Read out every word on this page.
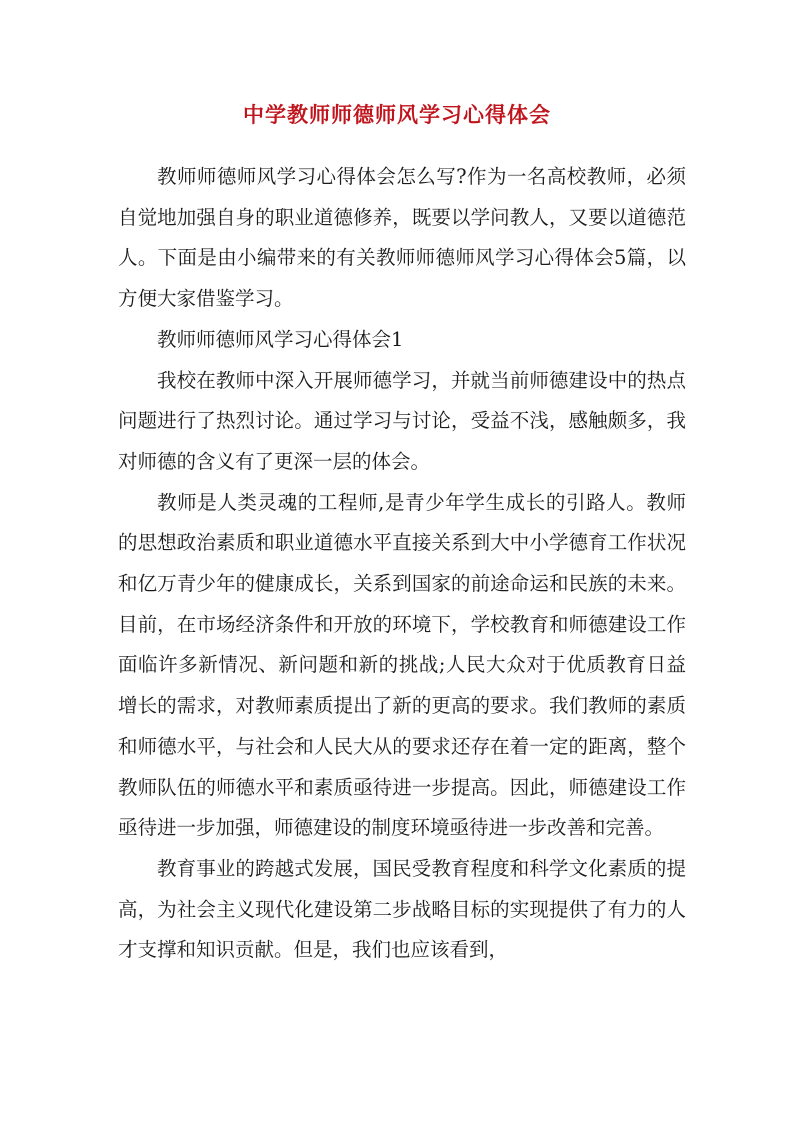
中学教师师德师风学习心得体会

教师师德师风学习心得体会怎么写?作为一名高校教师，必须自觉地加强自身的职业道德修养，既要以学问教人，又要以道德范人。下面是由小编带来的有关教师师德师风学习心得体会5篇，以方便大家借鉴学习。

教师师德师风学习心得体会1

我校在教师中深入开展师德学习，并就当前师德建设中的热点问题进行了热烈讨论。通过学习与讨论，受益不浅，感触颇多，我对师德的含义有了更深一层的体会。

教师是人类灵魂的工程师,是青少年学生成长的引路人。教师的思想政治素质和职业道德水平直接关系到大中小学德育工作状况和亿万青少年的健康成长，关系到国家的前途命运和民族的未来。目前，在市场经济条件和开放的环境下，学校教育和师德建设工作面临许多新情况、新问题和新的挑战;人民大众对于优质教育日益增长的需求，对教师素质提出了新的更高的要求。我们教师的素质和师德水平，与社会和人民大从的要求还存在着一定的距离，整个教师队伍的师德水平和素质亟待进一步提高。因此，师德建设工作亟待进一步加强，师德建设的制度环境亟待进一步改善和完善。

教育事业的跨越式发展，国民受教育程度和科学文化素质的提高，为社会主义现代化建设第二步战略目标的实现提供了有力的人才支撑和知识贡献。但是，我们也应该看到，
